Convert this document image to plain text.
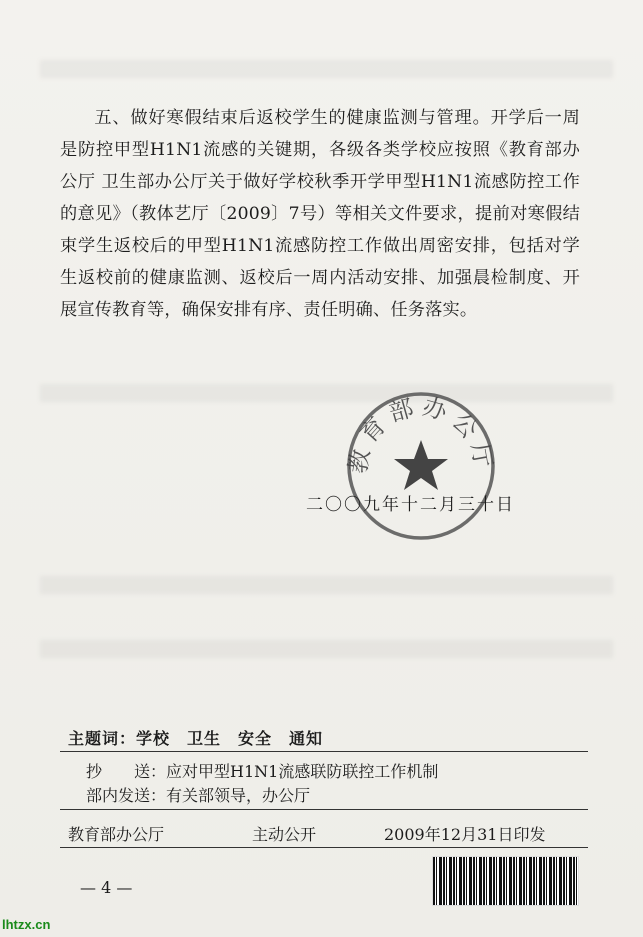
五、做好寒假结束后返校学生的健康监测与管理。开学后一周是防控甲型H1N1流感的关键期，各级各类学校应按照《教育部办公厅 卫生部办公厅关于做好学校秋季开学甲型H1N1流感防控工作的意见》（教体艺厅〔2009〕7号）等相关文件要求，提前对寒假结束学生返校后的甲型H1N1流感防控工作做出周密安排，包括对学生返校前的健康监测、返校后一周内活动安排、加强晨检制度、开展宣传教育等，确保安排有序、责任明确、任务落实。

教育部办公厅
二〇〇九年十二月三十日
主题词：学校　卫生　安全　通知
抄　　送：应对甲型H1N1流感联防联控工作机制
部内发送：有关部领导，办公厅
教育部办公厅	主动公开	2009年12月31日印发
— 4 —
lhtzx.cn
